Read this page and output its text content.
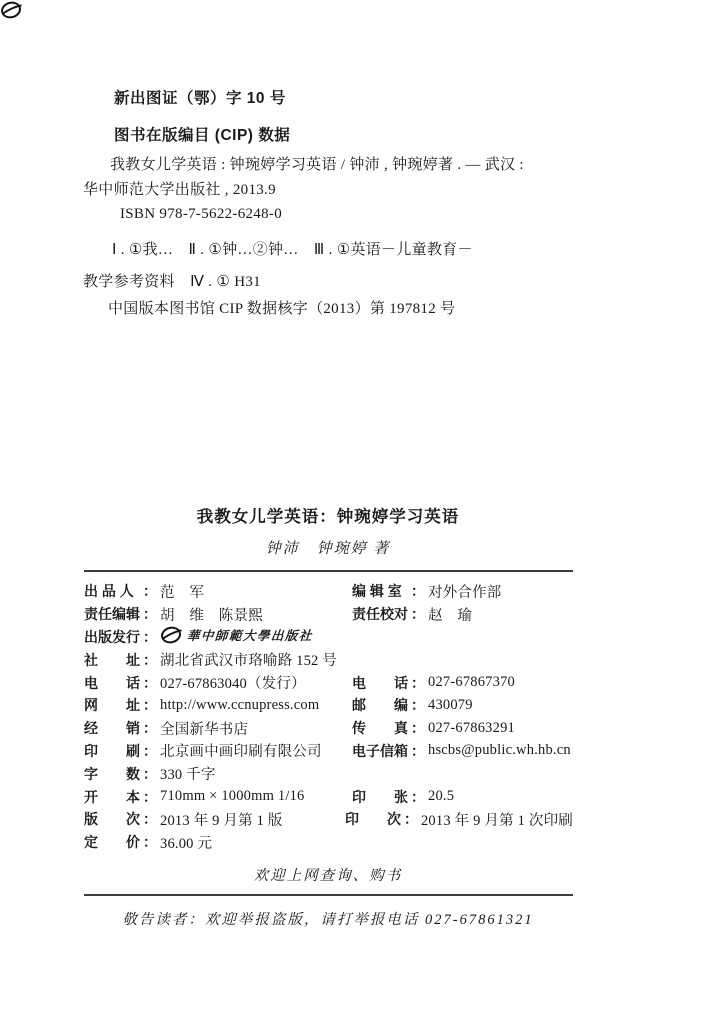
新出图证（鄂）字 10 号
图书在版编目 (CIP) 数据
我教女儿学英语 : 钟琬婷学习英语 / 钟沛 , 钟琬婷著 . — 武汉 :
华中师范大学出版社 , 2013.9
ISBN 978-7-5622-6248-0
Ⅰ . ①我…　Ⅱ . ①钟…②钟…　Ⅲ . ①英语－儿童教育－
教学参考资料　Ⅳ . ① H31
中国版本图书馆 CIP 数据核字（2013）第 197812 号
我教女儿学英语：钟琬婷学习英语
钟沛　钟琬婷 著
出 品 人 ： 范　军	编 辑 室 ： 对外合作部
责任编辑 ： 胡　维　陈景熙	责任校对 ： 赵　瑜
出版发行 ： 華中師範大學出版社
社　　址 ： 湖北省武汉市珞喻路 152 号
电　　话 ： 027-67863040（发行）	电　　话 ： 027-67867370
网　　址 ： http://www.ccnupress.com 邮　　编 ： 430079
经　　销 ： 全国新华书店	传　　真 ： 027-67863291
印　　刷 ： 北京画中画印刷有限公司 电子信箱 ： hscbs@public.wh.hb.cn
字　　数 ： 330 千字
开　　本 ： 710mm × 1000mm 1/16	印　　张 ： 20.5
版　　次 ： 2013 年 9 月第 1 版	印　　次 ： 2013 年 9 月第 1 次印刷
定　　价 ： 36.00 元
欢迎上网查询、购书
敬告读者：欢迎举报盗版，请打举报电话 027-67861321
